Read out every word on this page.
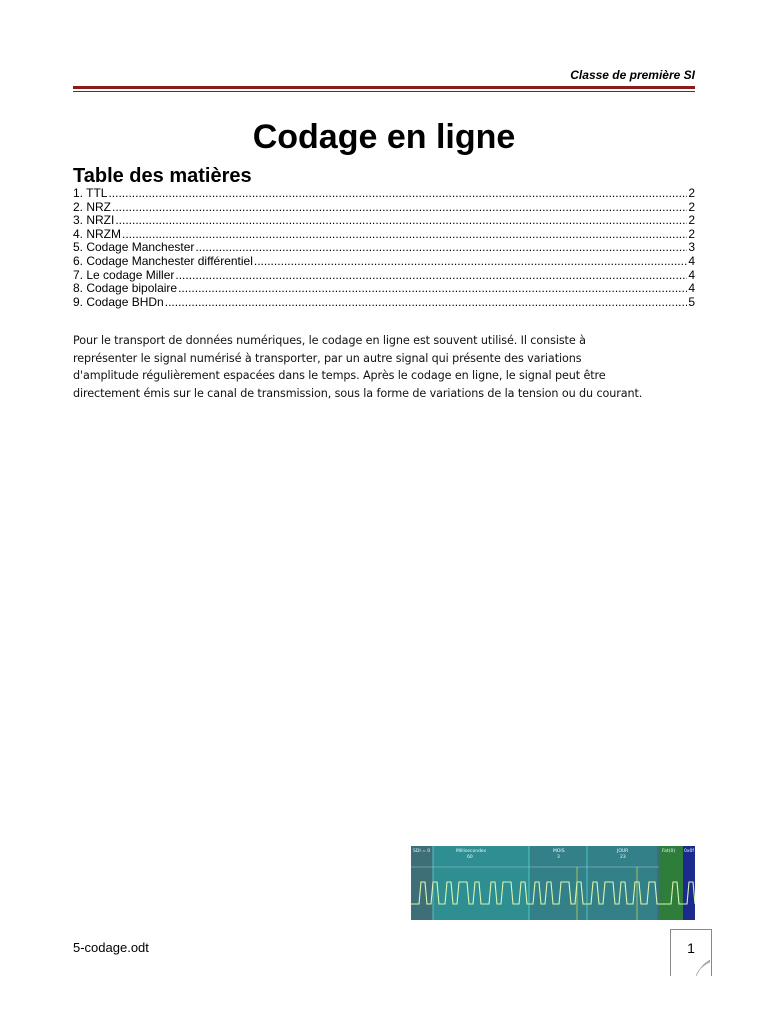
Classe de première SI
Codage en ligne
Table des matières
1. TTL .....	2
2. NRZ .....	2
3. NRZI .....	2
4. NRZM .....	2
5. Codage Manchester .....	3
6. Codage Manchester différentiel .....	4
7. Le codage Miller .....	4
8. Codage bipolaire .....	4
9. Codage BHDn .....	5
Pour le transport de données numériques, le codage en ligne est souvent utilisé. Il consiste à
représenter le signal numérisé à transporter, par un autre signal qui présente des variations
d'amplitude régulièrement espacées dans le temps. Après le codage en ligne, le signal peut être
directement émis sur le canal de transmission, sous la forme de variations de la tension ou du courant.
SDI = 0	Millisecondes
60
MOIS
3
JOUR
23
Fat(0) 0x0f
5-codage.odt	1
